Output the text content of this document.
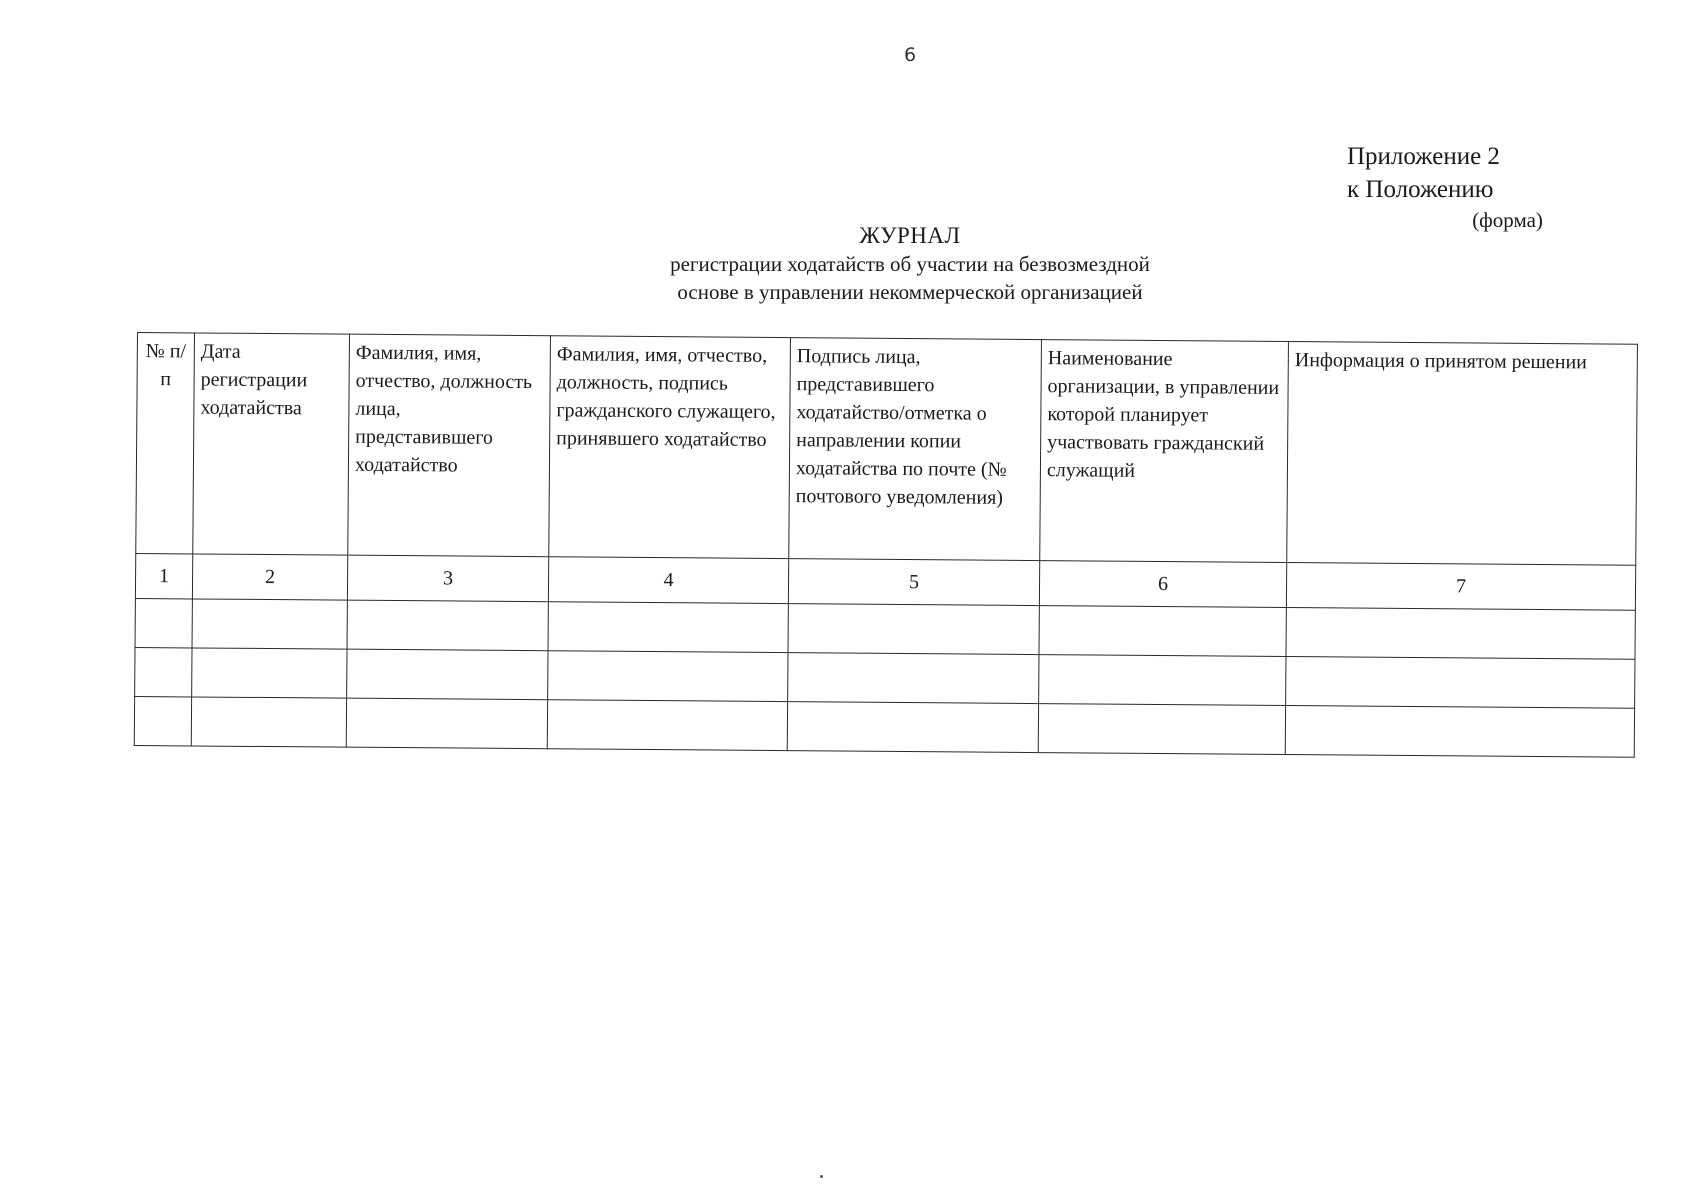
6
Приложение 2
к Положению
(форма)
ЖУРНАЛ
регистрации ходатайств об участии на безвозмездной
основе в управлении некоммерческой организацией
№ п/п	Дата регистрации ходатайства	Фамилия, имя, отчество, должность лица, представившего ходатайство	Фамилия, имя, отчество, должность, подпись гражданского служащего, принявшего ходатайство	Подпись лица, представившего ходатайство/отметка о направлении копии ходатайства по почте (№ почтового уведомления)	Наименование организации, в управлении которой планирует участвовать гражданский служащий	Информация о принятом решении
1	2	3	4	5	6	7
